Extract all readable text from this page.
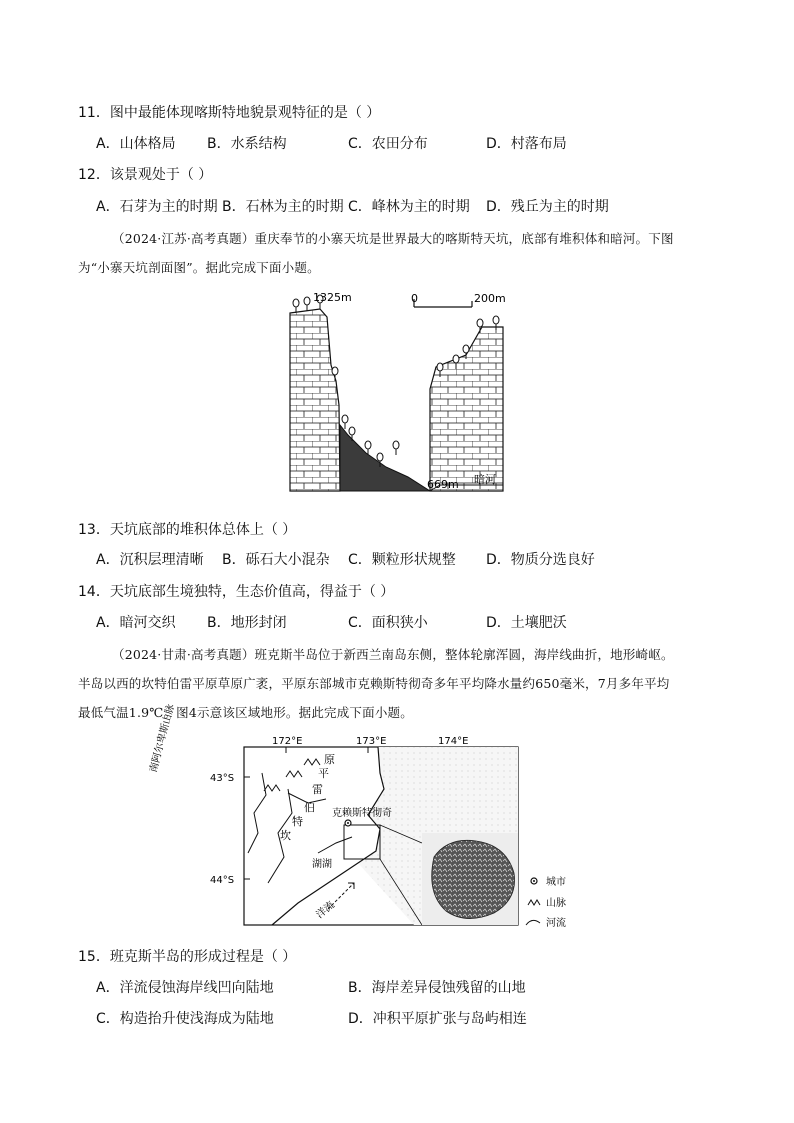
11．图中最能体现喀斯特地貌景观特征的是（ ）
A．山体格局 B．水系结构	C．农田分布	D．村落布局
12．该景观处于（ ）
A．石芽为主的时期 B．石林为主的时期 C．峰林为主的时期 D．残丘为主的时期
（2024·江苏·高考真题）重庆奉节的小寨天坑是世界最大的喀斯特天坑，底部有堆积体和暗河。下图
为“小寨天坑剖面图”。据此完成下面小题。
0	200m
1325m
669m 暗河
13．天坑底部的堆积体总体上（ ）
A．沉积层理清晰 B．砾石大小混杂 C．颗粒形状规整 D．物质分选良好
14．天坑底部生境独特，生态价值高，得益于（ ）
A．暗河交织 B．地形封闭	C．面积狭小	D．土壤肥沃
（2024·甘肃·高考真题）班克斯半岛位于新西兰南岛东侧，整体轮廓浑圆，海岸线曲折，地形崎岖。
半岛以西的坎特伯雷平原草原广袤，平原东部城市克赖斯特彻奇多年平均降水量约650毫米，7月多年平均
最低气温1.9℃。图4示意该区域地形。据此完成下面小题。
172°E	173°E	174°E
43°S
44°S
坎
特
伯
雷
平
原
南阿尔卑斯山脉
克赖斯特彻奇
湖湖
洋流
城市
山脉
河流
15．班克斯半岛的形成过程是（ ）
A．洋流侵蚀海岸线凹向陆地	B．海岸差异侵蚀残留的山地
C．构造抬升使浅海成为陆地	D．冲积平原扩张与岛屿相连
